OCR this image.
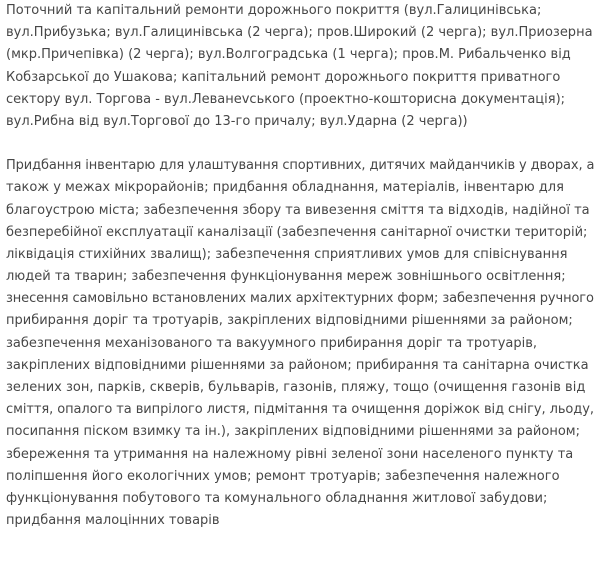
Поточний та капітальний ремонти дорожнього покриття (вул.Галицинівська;
вул.Прибузька; вул.Галицинівська (2 черга); пров.Широкий (2 черга); вул.Приозерна
(мкр.Причепівка) (2 черга); вул.Волгоградська (1 черга); пров.М. Рибальченко від
Кобзарської до Ушакова; капітальний ремонт дорожнього покриття приватного
сектору вул. Торгова - вул.Леванеvського (проектно-кошторисна документація);
вул.Рибна від вул.Торгової до 13-го причалу; вул.Ударна (2 черга))

Придбання інвентарю для улаштування спортивних, дитячих майданчиків у дворах, а
також у межах мікрорайонів; придбання обладнання, матеріалів, інвентарю для
благоустрою міста; забезпечення збору та вивезення сміття та відходів, надійної та
безперебійної експлуатації каналізації (забезпечення санітарної очистки територій;
ліквідація стихійних звалищ); забезпечення сприятливих умов для співіснування
людей та тварин; забезпечення функціонування мереж зовнішнього освітлення;
знесення самовільно встановлених малих архітектурних форм; забезпечення ручного
прибирання доріг та тротуарів, закріплених відповідними рішеннями за районом;
забезпечення механізованого та вакуумного прибирання доріг та тротуарів,
закріплених відповідними рішеннями за районом; прибирання та санітарна очистка
зелених зон, парків, скверів, бульварів, газонів, пляжу, тощо (очищення газонів від
сміття, опалого та випрілого листя, підмітання та очищення доріжок від снігу, льоду,
посипання піском взимку та ін.), закріплених відповідними рішеннями за районом;
збереження та утримання на належному рівні зеленої зони населеного пункту та
поліпшення його екологічних умов; ремонт тротуарів; забезпечення належного
функціонування побутового та комунального обладнання житлової забудови;
придбання малоцінних товарів
